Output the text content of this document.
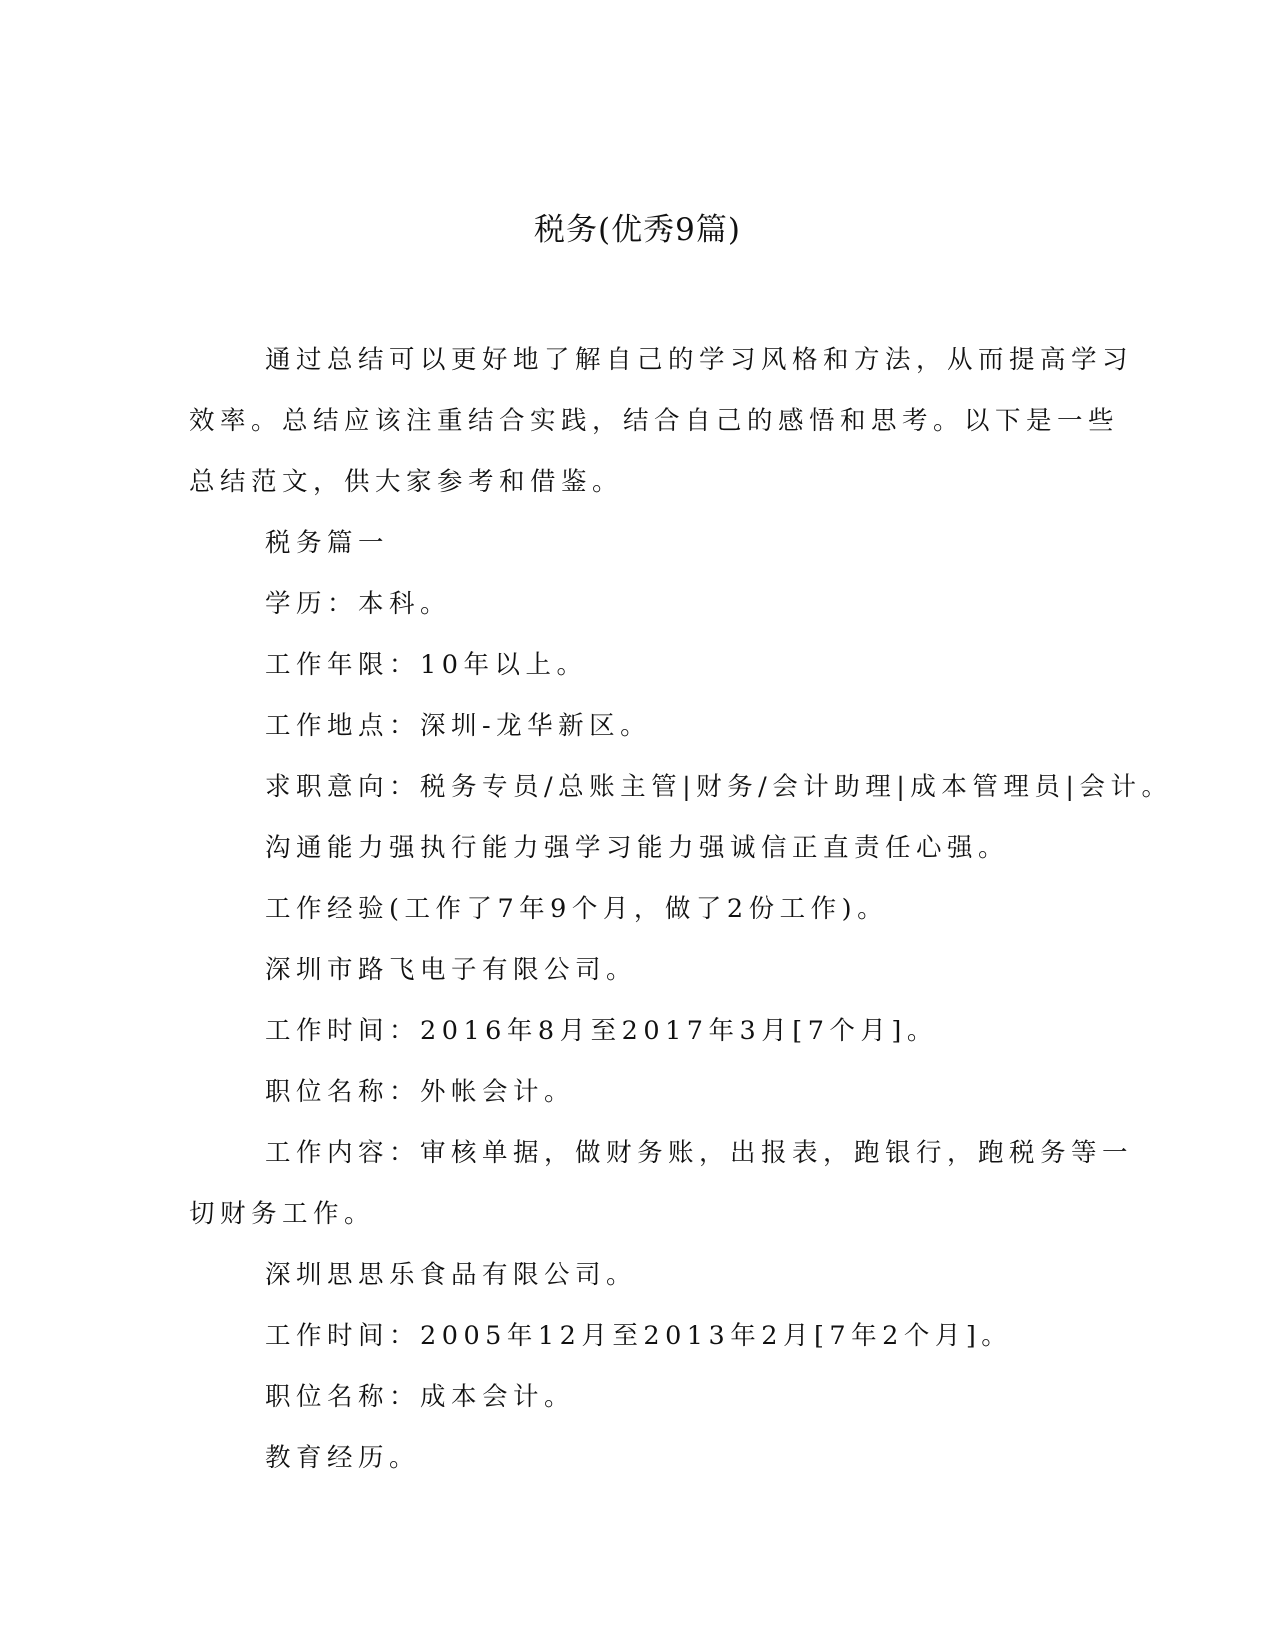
税务(优秀9篇)
通过总结可以更好地了解自己的学习风格和方法，从而提高学习
效率。总结应该注重结合实践，结合自己的感悟和思考。以下是一些
总结范文，供大家参考和借鉴。

税务篇一

学历：本科。

工作年限：10年以上。

工作地点：深圳-龙华新区。

求职意向：税务专员/总账主管|财务/会计助理|成本管理员|会计。

沟通能力强执行能力强学习能力强诚信正直责任心强。

工作经验(工作了7年9个月，做了2份工作)。

深圳市路飞电子有限公司。

工作时间：2016年8月至2017年3月[7个月]。

职位名称：外帐会计。

工作内容：审核单据，做财务账，出报表，跑银行，跑税务等一
切财务工作。

深圳思思乐食品有限公司。

工作时间：2005年12月至2013年2月[7年2个月]。

职位名称：成本会计。

教育经历。
